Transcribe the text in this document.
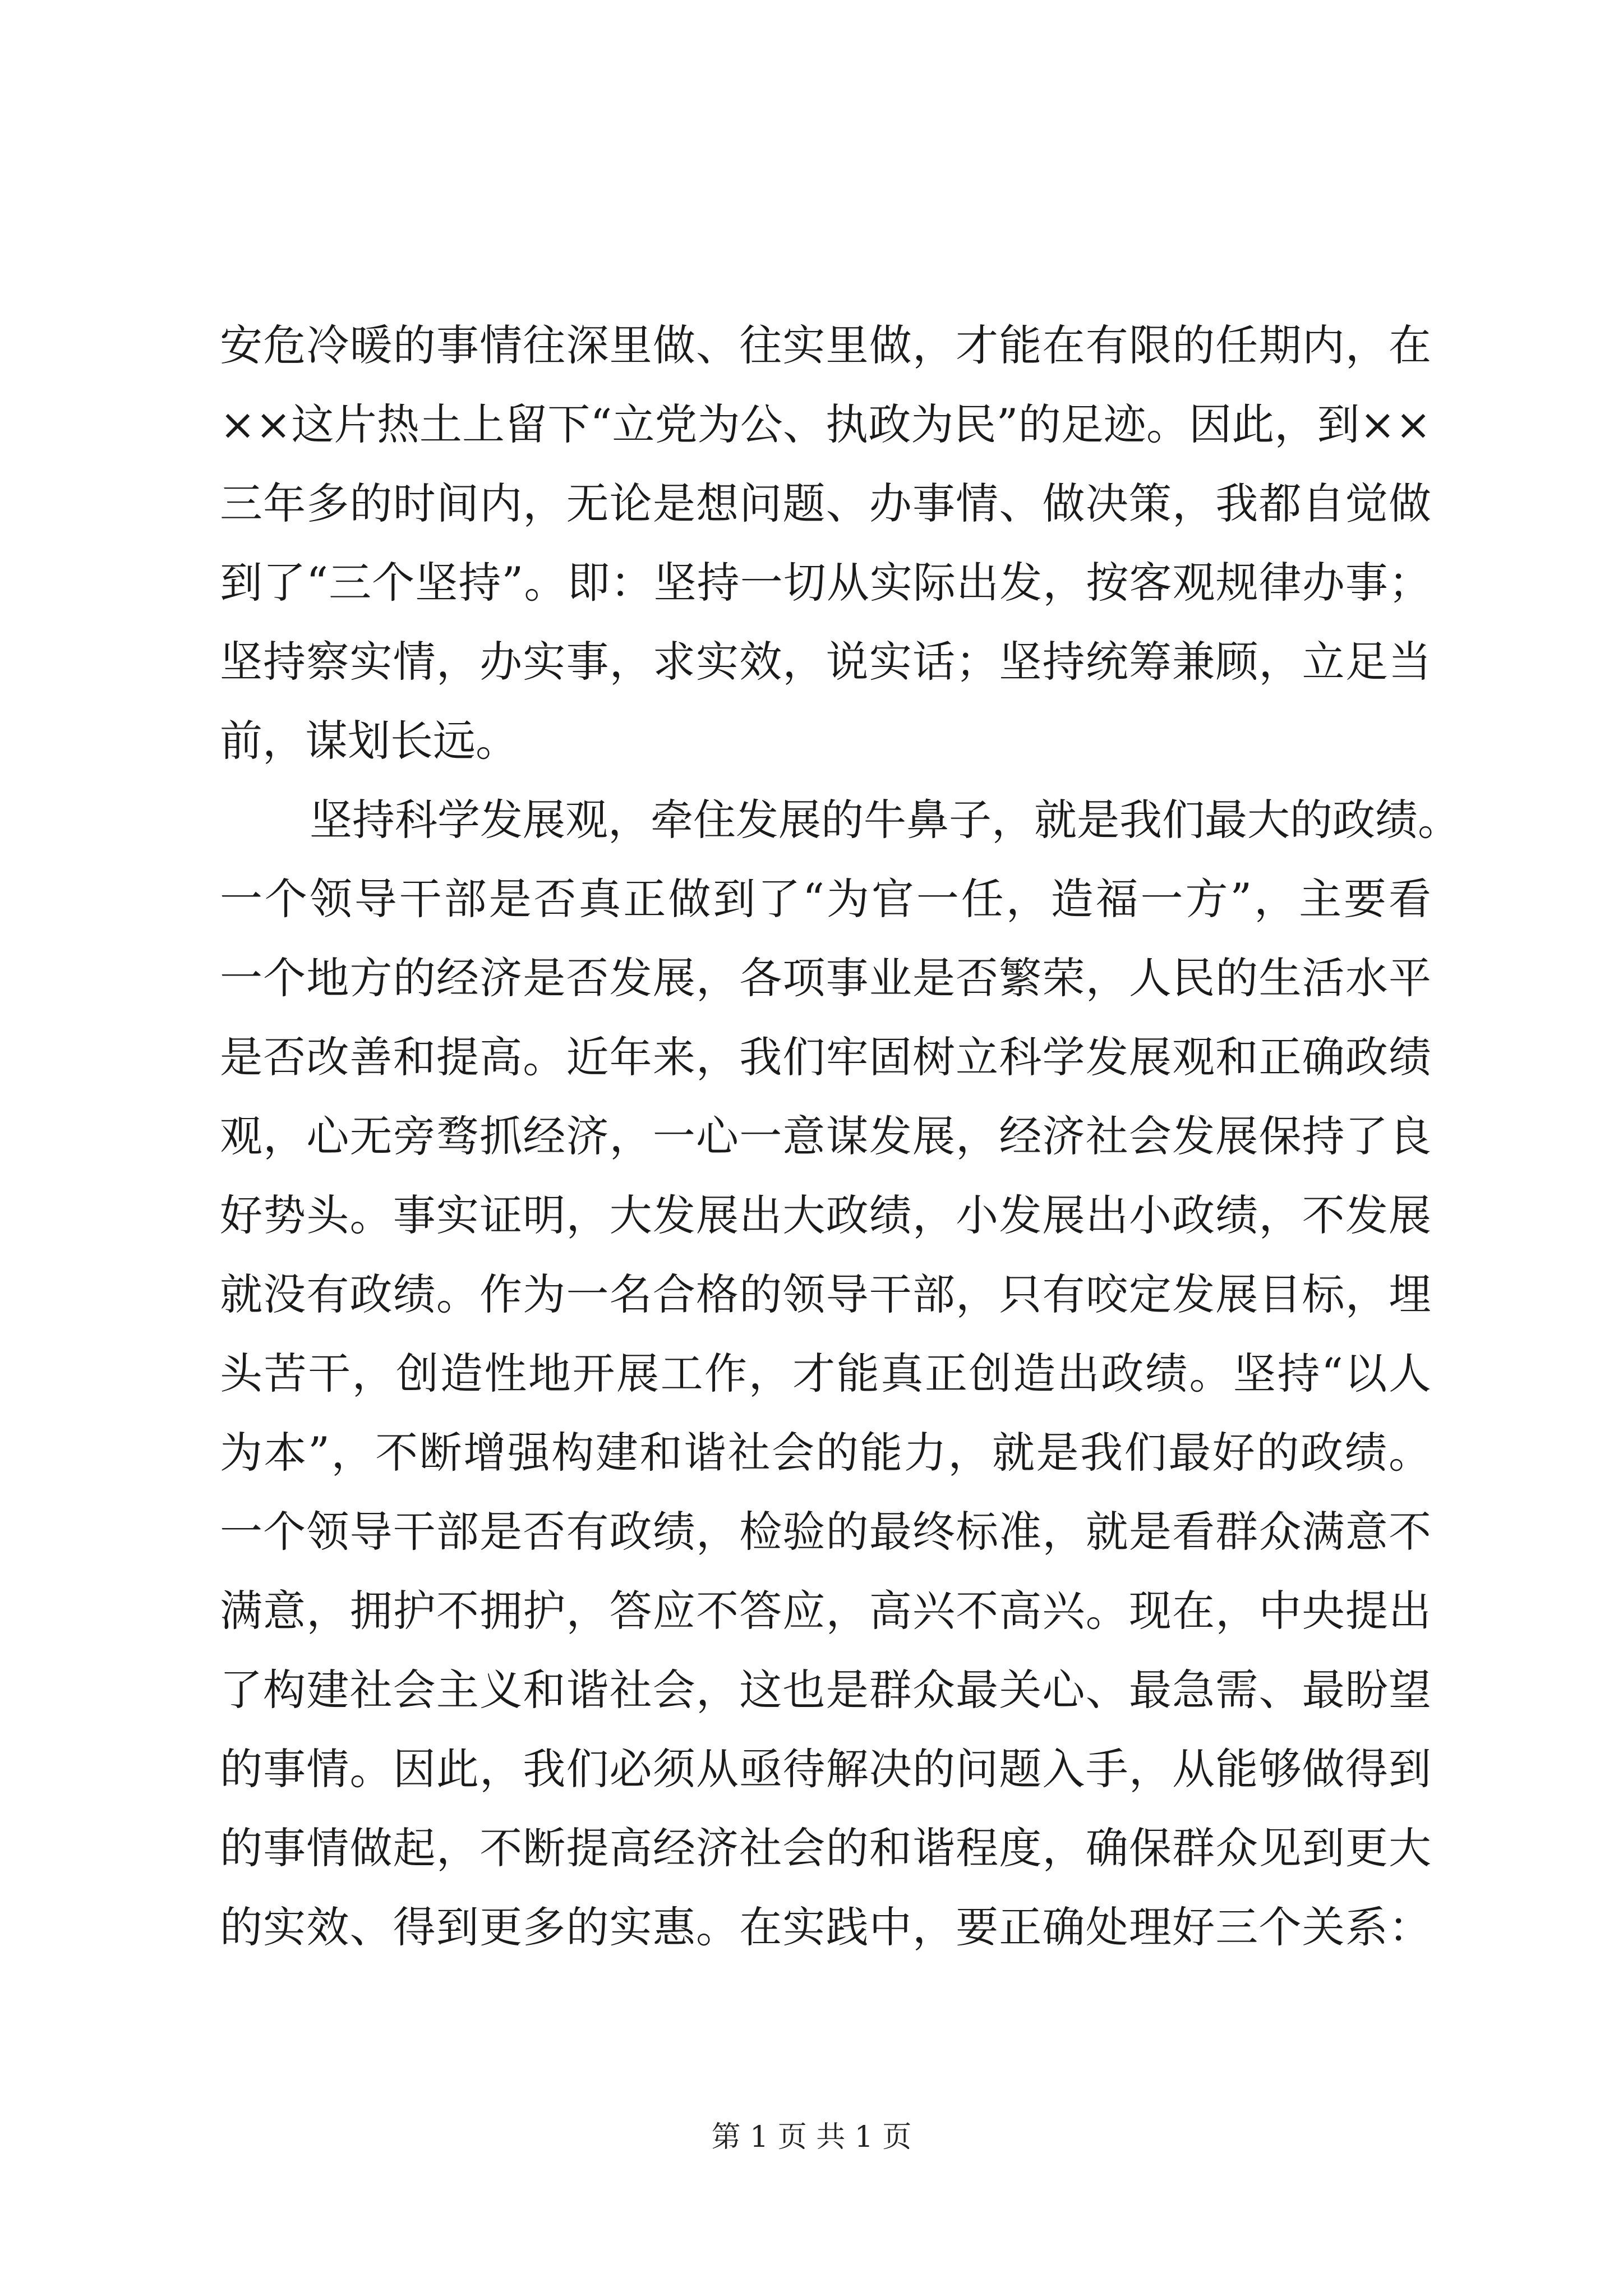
安危冷暖的事情往深里做、往实里做，才能在有限的任期内，在
××这片热土上留下“立党为公、执政为民”的足迹。因此，到××
三年多的时间内，无论是想问题、办事情、做决策，我都自觉做
到了“三个坚持”。即：坚持一切从实际出发，按客观规律办事；
坚持察实情，办实事，求实效，说实话；坚持统筹兼顾，立足当
前，谋划长远。
坚持科学发展观，牵住发展的牛鼻子，就是我们最大的政绩。
一个领导干部是否真正做到了“为官一任，造福一方”，主要看
一个地方的经济是否发展，各项事业是否繁荣，人民的生活水平
是否改善和提高。近年来，我们牢固树立科学发展观和正确政绩
观，心无旁骛抓经济，一心一意谋发展，经济社会发展保持了良
好势头。事实证明，大发展出大政绩，小发展出小政绩，不发展
就没有政绩。作为一名合格的领导干部，只有咬定发展目标，埋
头苦干，创造性地开展工作，才能真正创造出政绩。坚持“以人
为本”，不断增强构建和谐社会的能力，就是我们最好的政绩。
一个领导干部是否有政绩，检验的最终标准，就是看群众满意不
满意，拥护不拥护，答应不答应，高兴不高兴。现在，中央提出
了构建社会主义和谐社会，这也是群众最关心、最急需、最盼望
的事情。因此，我们必须从亟待解决的问题入手，从能够做得到
的事情做起，不断提高经济社会的和谐程度，确保群众见到更大
的实效、得到更多的实惠。在实践中，要正确处理好三个关系：
第 1 页 共 1 页
